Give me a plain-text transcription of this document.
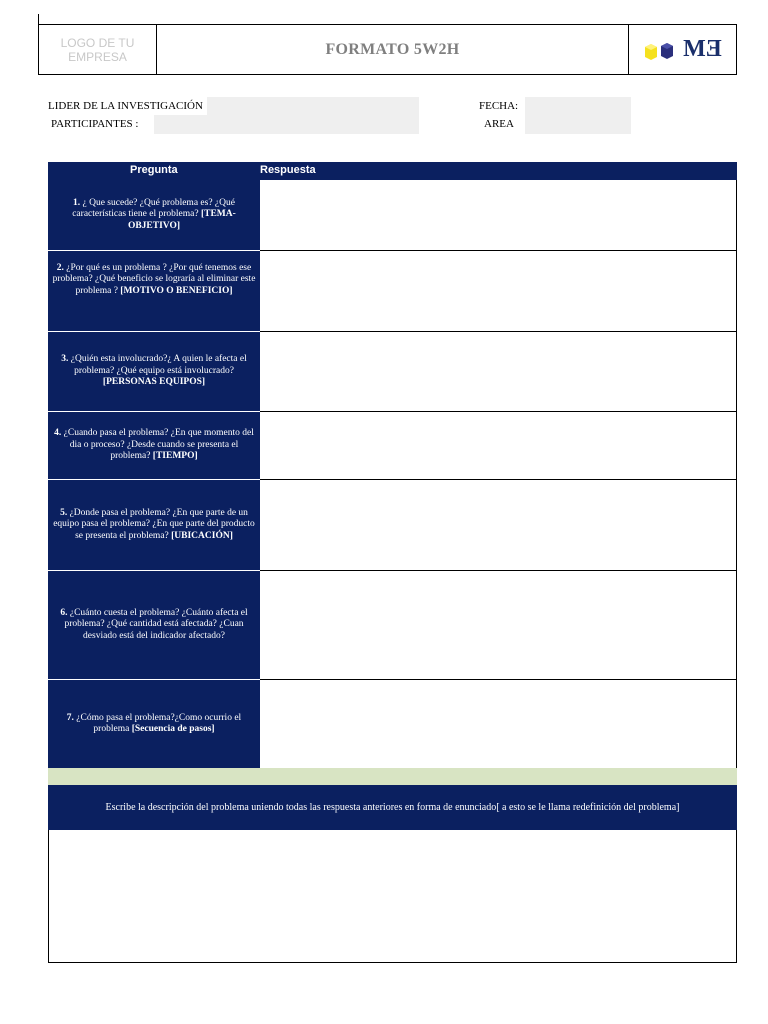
LOGO DE TU EMPRESA	FORMATO 5W2H	MƎ
LIDER DE LA INVESTIGACIÓN
PARTICIPANTES :
FECHA:
AREA
Pregunta	Respuesta
1. ¿ Que sucede? ¿Qué problema es? ¿Qué características tiene el problema? [TEMA-OBJETIVO]
2. ¿Por qué es un problema ? ¿Por qué tenemos ese problema? ¿Qué beneficio se lograría al eliminar este problema ? [MOTIVO O BENEFICIO]
3. ¿Quién esta involucrado?¿ A quien le afecta el problema? ¿Qué equipo está involucrado? [PERSONAS EQUIPOS]
4. ¿Cuando pasa el problema? ¿En que momento del dia o proceso? ¿Desde cuando se presenta el problema? [TIEMPO]
5. ¿Donde pasa el problema? ¿En que parte de un equipo pasa el problema? ¿En que parte del producto se presenta el problema? [UBICACIÓN]
6. ¿Cuánto cuesta el problema? ¿Cuánto afecta el problema? ¿Qué cantidad está afectada? ¿Cuan desviado está del indicador afectado?
7. ¿Cómo pasa el problema?¿Como ocurrio el problema [Secuencia de pasos]
Escribe la descripción del problema uniendo todas las respuesta anteriores en forma de enunciado[ a esto se le llama redefinición del problema]
